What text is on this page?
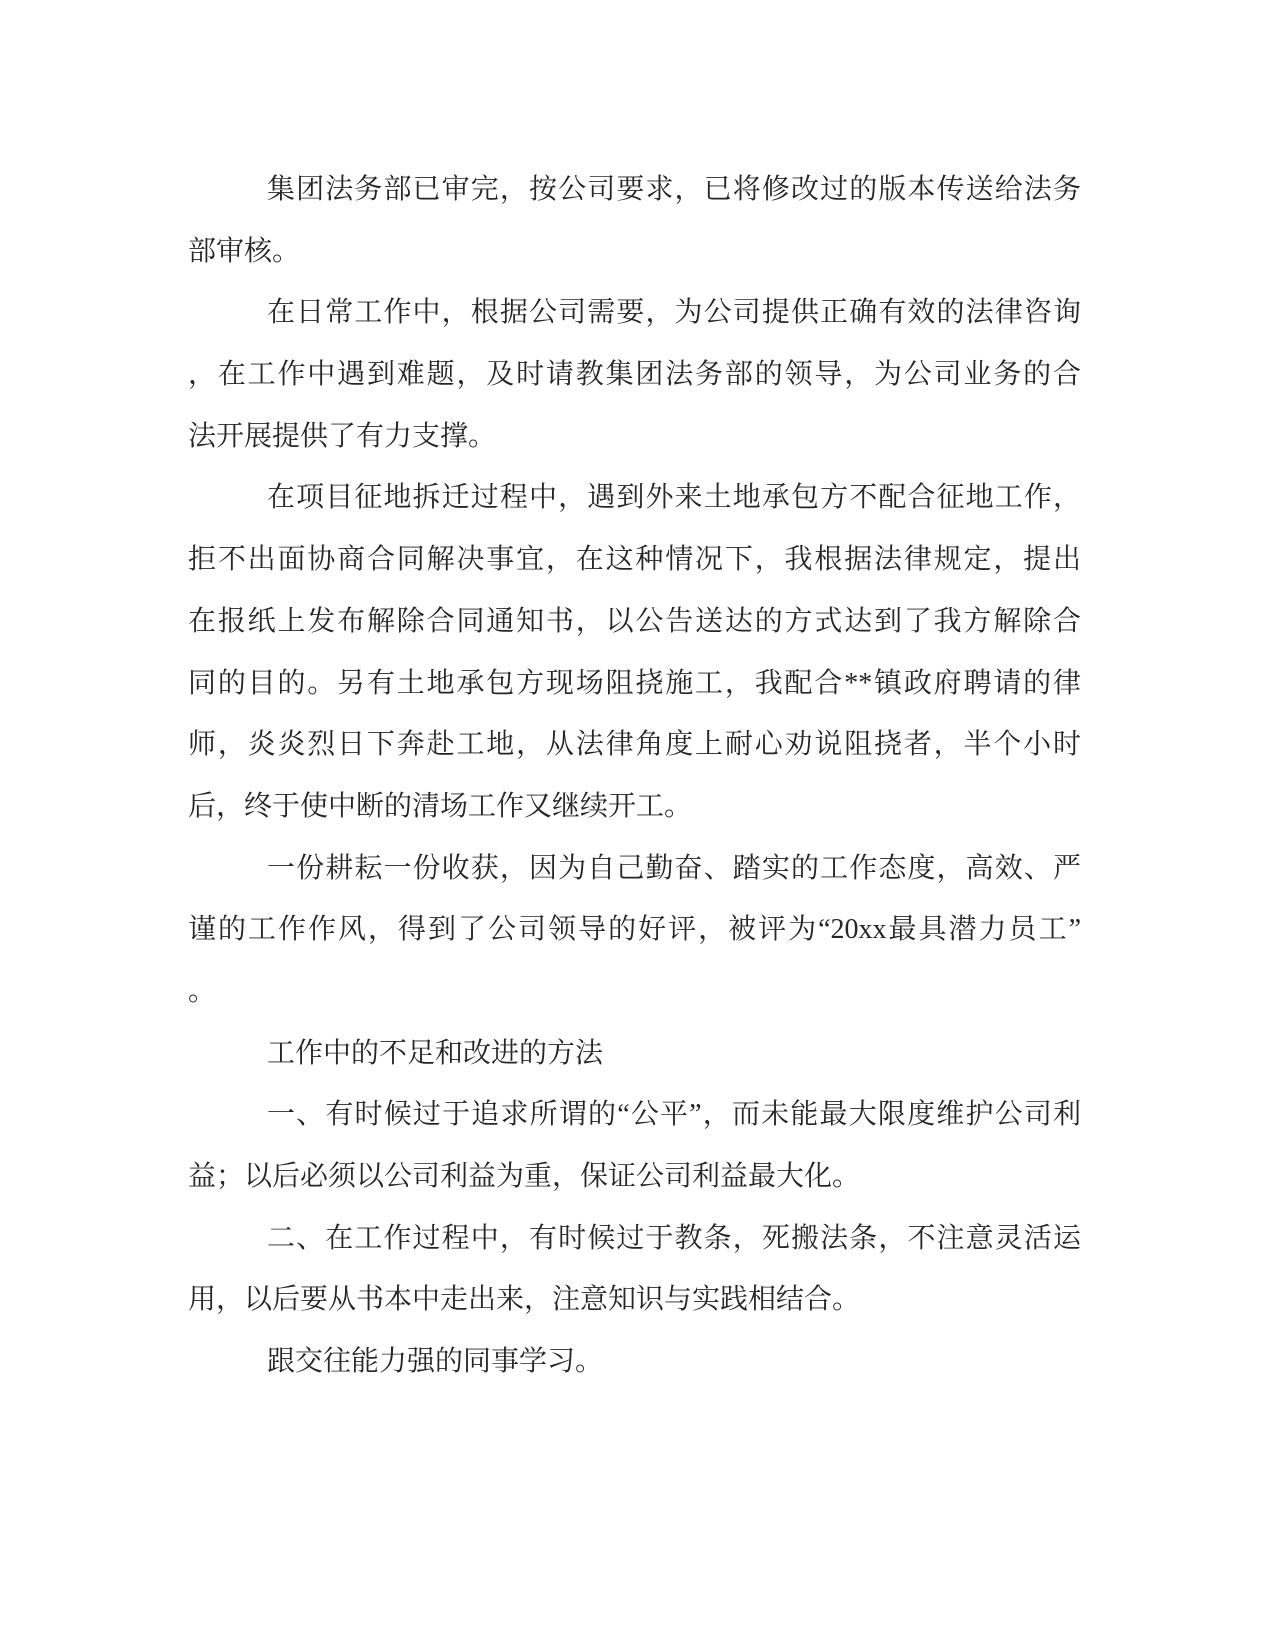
集团法务部已审完，按公司要求，已将修改过的版本传送给法务
部审核。
在日常工作中，根据公司需要，为公司提供正确有效的法律咨询
，在工作中遇到难题，及时请教集团法务部的领导，为公司业务的合
法开展提供了有力支撑。
在项目征地拆迁过程中，遇到外来土地承包方不配合征地工作，
拒不出面协商合同解决事宜，在这种情况下，我根据法律规定，提出
在报纸上发布解除合同通知书，以公告送达的方式达到了我方解除合
同的目的。另有土地承包方现场阻挠施工，我配合**镇政府聘请的律
师，炎炎烈日下奔赴工地，从法律角度上耐心劝说阻挠者，半个小时
后，终于使中断的清场工作又继续开工。
一份耕耘一份收获，因为自己勤奋、踏实的工作态度，高效、严
谨的工作作风，得到了公司领导的好评，被评为“20xx最具潜力员工”
。
工作中的不足和改进的方法
一、有时候过于追求所谓的“公平”，而未能最大限度维护公司利
益；以后必须以公司利益为重，保证公司利益最大化。
二、在工作过程中，有时候过于教条，死搬法条，不注意灵活运
用，以后要从书本中走出来，注意知识与实践相结合。
跟交往能力强的同事学习。
